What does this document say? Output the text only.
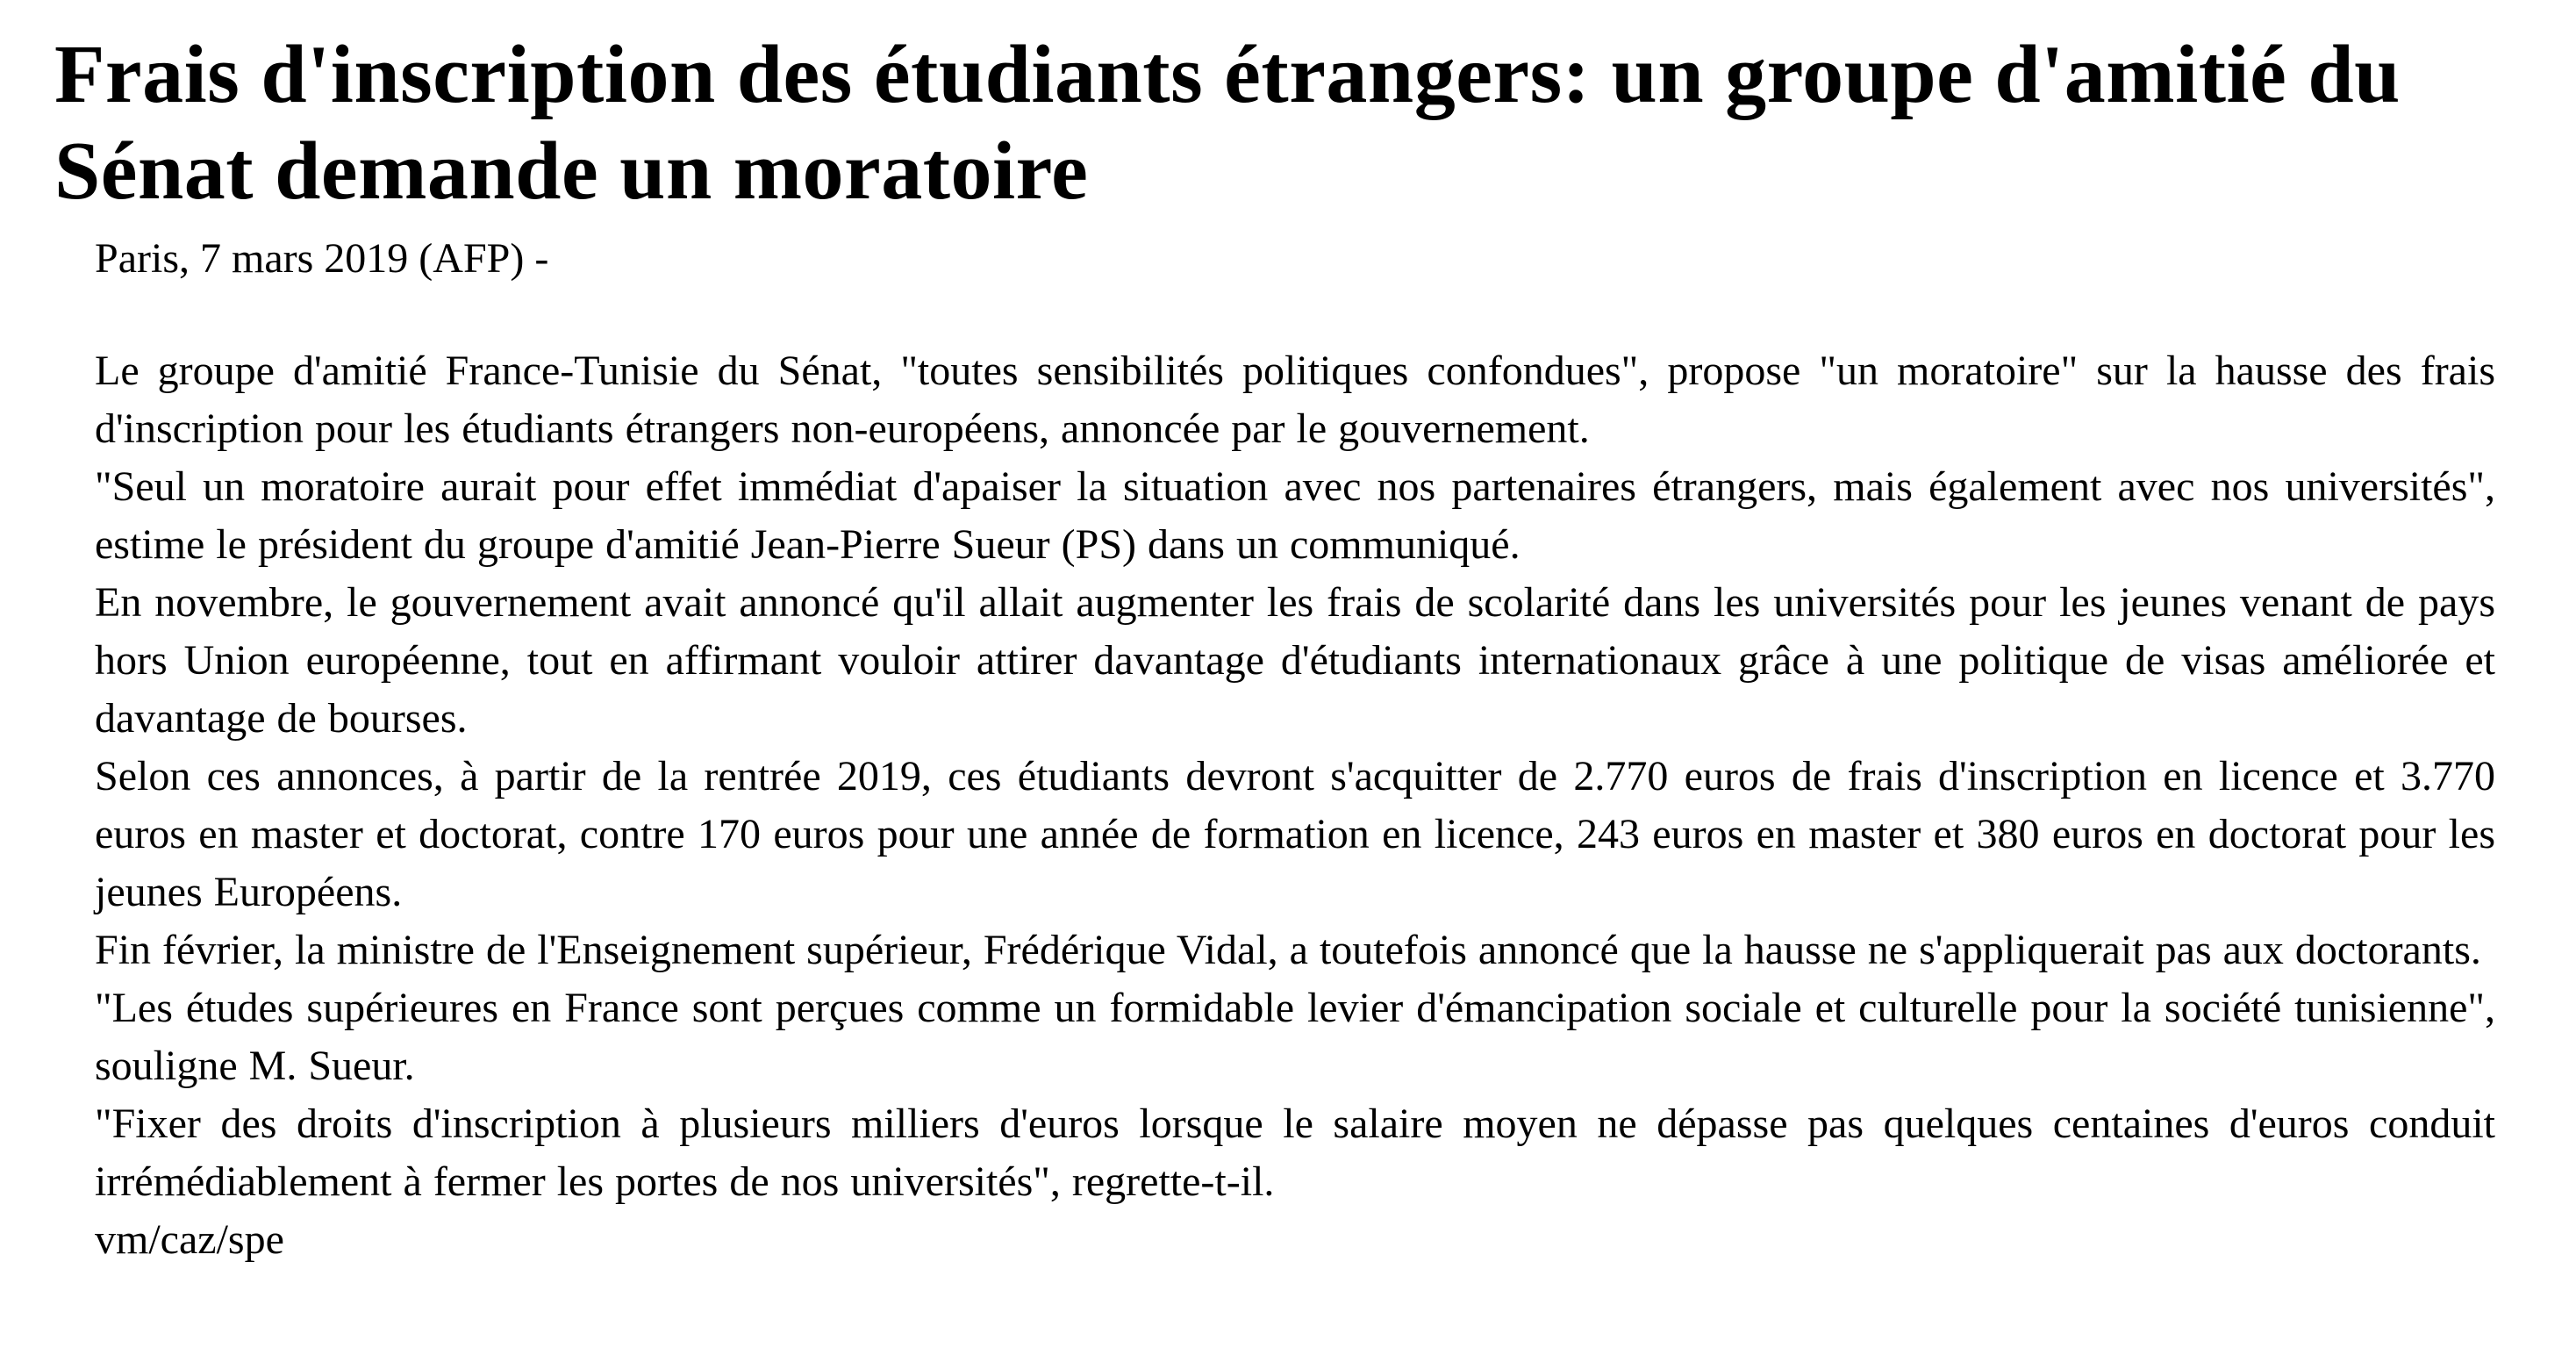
Frais d'inscription des étudiants étrangers: un groupe d'amitié du Sénat demande un moratoire
Paris, 7 mars 2019 (AFP) -

Le groupe d'amitié France-Tunisie du Sénat, "toutes sensibilités politiques confondues", propose "un moratoire" sur la hausse des frais d'inscription pour les étudiants étrangers non-européens, annoncée par le gouvernement.

"Seul un moratoire aurait pour effet immédiat d'apaiser la situation avec nos partenaires étrangers, mais également avec nos universités", estime le président du groupe d'amitié Jean-Pierre Sueur (PS) dans un communiqué.

En novembre, le gouvernement avait annoncé qu'il allait augmenter les frais de scolarité dans les universités pour les jeunes venant de pays hors Union européenne, tout en affirmant vouloir attirer davantage d'étudiants internationaux grâce à une politique de visas améliorée et davantage de bourses.

Selon ces annonces, à partir de la rentrée 2019, ces étudiants devront s'acquitter de 2.770 euros de frais d'inscription en licence et 3.770 euros en master et doctorat, contre 170 euros pour une année de formation en licence, 243 euros en master et 380 euros en doctorat pour les jeunes Européens.

Fin février, la ministre de l'Enseignement supérieur, Frédérique Vidal, a toutefois annoncé que la hausse ne s'appliquerait pas aux doctorants.

"Les études supérieures en France sont perçues comme un formidable levier d'émancipation sociale et culturelle pour la société tunisienne", souligne M. Sueur.

"Fixer des droits d'inscription à plusieurs milliers d'euros lorsque le salaire moyen ne dépasse pas quelques centaines d'euros conduit irrémédiablement à fermer les portes de nos universités", regrette-t-il.

vm/caz/spe
